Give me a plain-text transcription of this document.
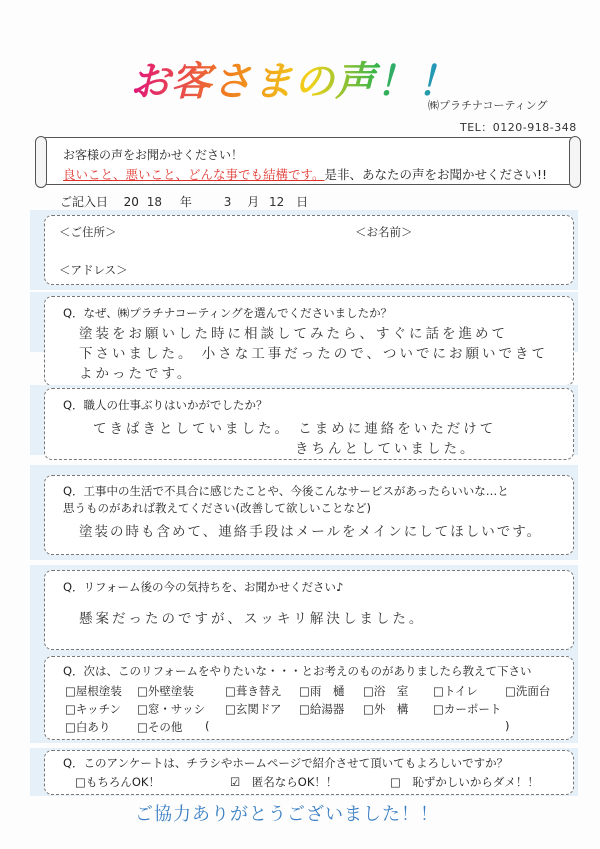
お客さまの声！！
㈱プラチナコーティング
TEL：0120-918-348
お客様の声をお聞かせください！
良いこと、悪いこと、どんな事でも結構です。是非、あなたの声をお聞かせください!!
ご記入日 20 18 年	3 月 12 日
＜ご住所＞	＜お名前＞
＜アドレス＞
Q．なぜ、㈱プラチナコーティングを選んでくださいましたか？
塗装をお願いした時に相談してみたら、すぐに話を進めて
下さいました。 小さな工事だったので、ついでにお願いできて
よかったです。
Q．職人の仕事ぶりはいかがでしたか？
てきぱきとしていました。 こまめに連絡をいただけて
きちんとしていました。
Q．工事中の生活で不具合に感じたことや、今後こんなサービスがあったらいいな…と
思うものがあれば教えてください(改善して欲しいことなど)
塗装の時も含めて、連絡手段はメールをメインにしてほしいです。
Q．リフォーム後の今の気持ちを、お聞かせください♪
懸案だったのですが、スッキリ解決しました。
Q．次は、このリフォームをやりたいな・・・とお考えのものがありましたら教えて下さい
□屋根塗装 □外壁塗装	□葺き替え □雨　樋 □浴　室 □トイレ □洗面台
□キッチン □窓・サッシ □玄関ドア □給湯器 □外　構 □カーポート
□白あり □その他 (	)
Q．このアンケートは、チラシやホームページで紹介させて頂いてもよろしいですか？
□もちろんOK！	☑　匿名ならOK！！	□　恥ずかしいからダメ！！
ご協力ありがとうございました！！
